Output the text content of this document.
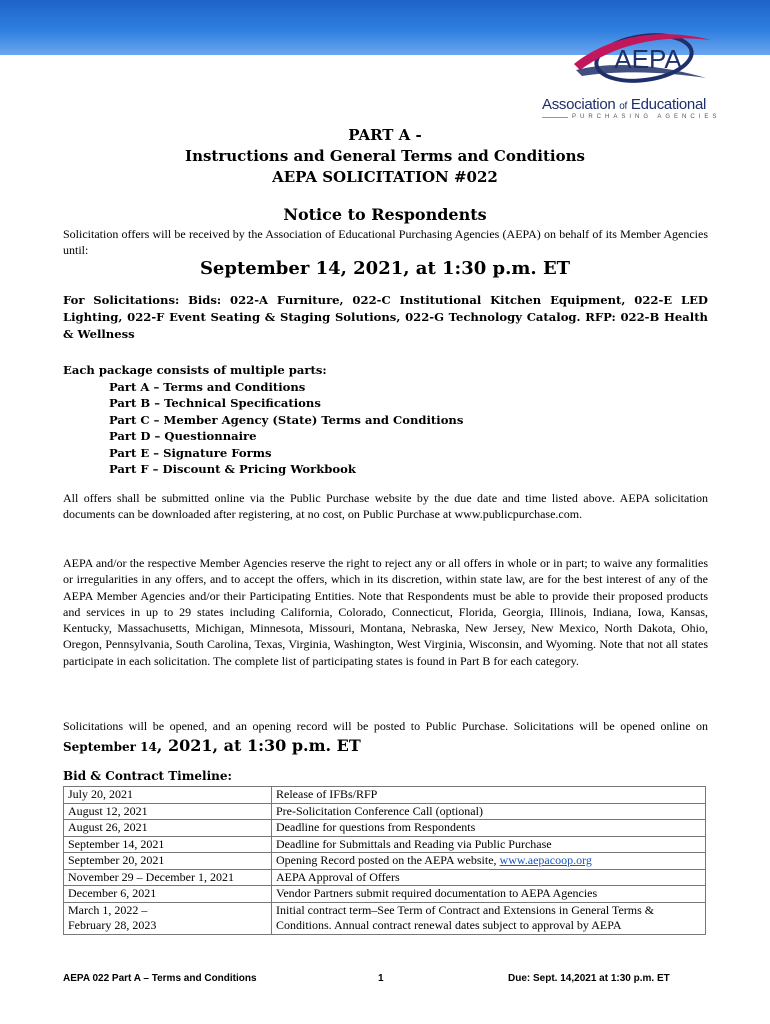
AEPA
Association of Educational
PURCHASING AGENCIES
PART A -
Instructions and General Terms and Conditions
AEPA SOLICITATION #022
Notice to Respondents
Solicitation offers will be received by the Association of Educational Purchasing Agencies (AEPA) on behalf of its Member Agencies until:
September 14, 2021, at 1:30 p.m. ET
For Solicitations: Bids: 022-A Furniture, 022-C Institutional Kitchen Equipment, 022-E LED Lighting, 022-F Event Seating & Staging Solutions, 022-G Technology Catalog. RFP: 022-B Health & Wellness
Each package consists of multiple parts:
Part A – Terms and Conditions
Part B – Technical Specifications
Part C – Member Agency (State) Terms and Conditions
Part D – Questionnaire
Part E – Signature Forms
Part F – Discount & Pricing Workbook
All offers shall be submitted online via the Public Purchase website by the due date and time listed above. AEPA solicitation documents can be downloaded after registering, at no cost, on Public Purchase at www.publicpurchase.com.
AEPA and/or the respective Member Agencies reserve the right to reject any or all offers in whole or in part; to waive any formalities or irregularities in any offers, and to accept the offers, which in its discretion, within state law, are for the best interest of any of the AEPA Member Agencies and/or their Participating Entities. Note that Respondents must be able to provide their proposed products and services in up to 29 states including California, Colorado, Connecticut, Florida, Georgia, Illinois, Indiana, Iowa, Kansas, Kentucky, Massachusetts, Michigan, Minnesota, Missouri, Montana, Nebraska, New Jersey, New Mexico, North Dakota, Ohio, Oregon, Pennsylvania, South Carolina, Texas, Virginia, Washington, West Virginia, Wisconsin, and Wyoming. Note that not all states participate in each solicitation. The complete list of participating states is found in Part B for each category.
Solicitations will be opened, and an opening record will be posted to Public Purchase. Solicitations will be opened online on September 14, 2021, at 1:30 p.m. ET
Bid & Contract Timeline:
July 20, 2021	Release of IFBs/RFP
August 12, 2021	Pre-Solicitation Conference Call (optional)
August 26, 2021	Deadline for questions from Respondents
September 14, 2021	Deadline for Submittals and Reading via Public Purchase
September 20, 2021	Opening Record posted on the AEPA website, www.aepacoop.org
November 29 – December 1, 2021	AEPA Approval of Offers
December 6, 2021	Vendor Partners submit required documentation to AEPA Agencies

March 1, 2022 –
February 28, 2023	Initial contract term–See Term of Contract and Extensions in General Terms & Conditions. Annual contract renewal dates subject to approval by AEPA
AEPA 022 Part A – Terms and Conditions	1	Due: Sept. 14,2021 at 1:30 p.m. ET
